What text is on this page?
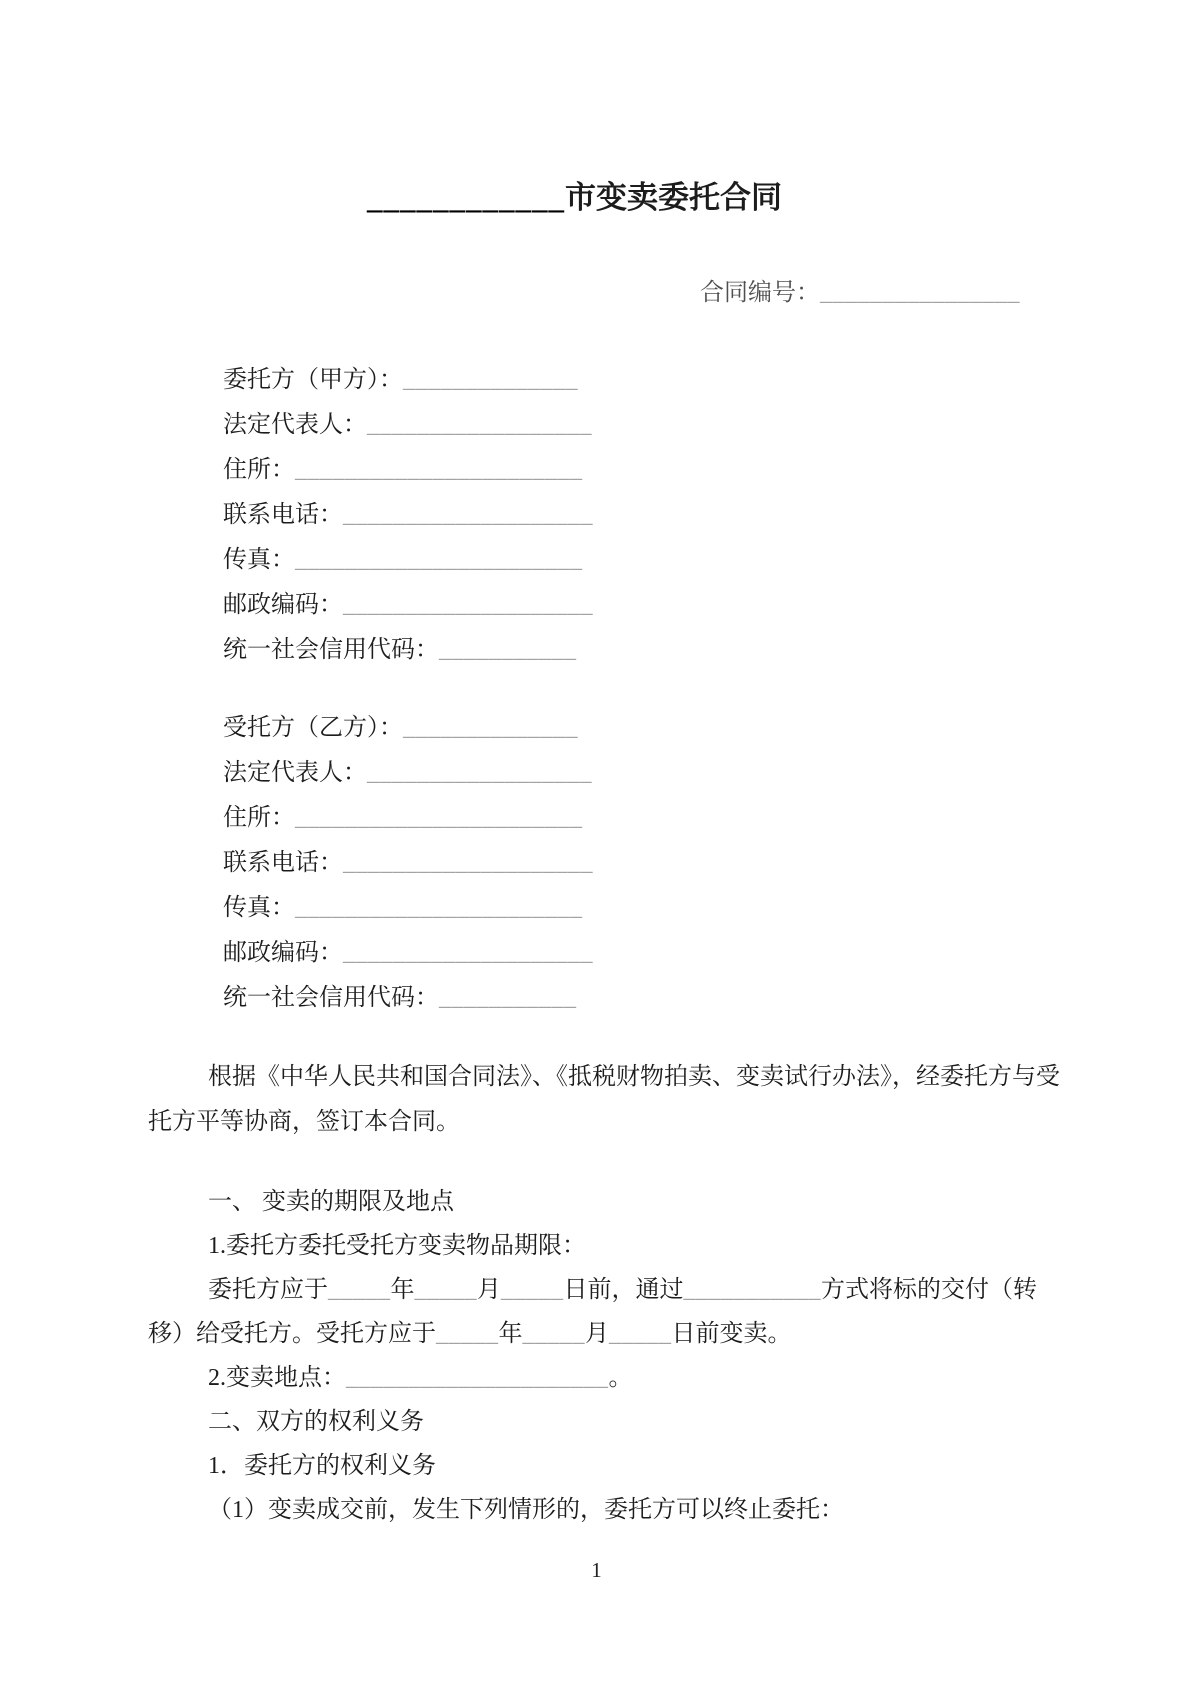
____________市变卖委托合同
合同编号：________________
委托方（甲方）：______________
法定代表人：__________________
住所：_______________________
联系电话：____________________
传真：_______________________
邮政编码：____________________
统一社会信用代码：___________
受托方（乙方）：______________
法定代表人：__________________
住所：_______________________
联系电话：____________________
传真：_______________________
邮政编码：____________________
统一社会信用代码：___________
根据《中华人民共和国合同法》、《抵税财物拍卖、变卖试行办法》，经委托方与受
托方平等协商，签订本合同。
一、 变卖的期限及地点
1.委托方委托受托方变卖物品期限：
委托方应于_____年_____月_____日前，通过___________方式将标的交付（转
移）给受托方。受托方应于_____年_____月_____日前变卖。
2.变卖地点：_____________________。
二、双方的权利义务
1．委托方的权利义务
（1）变卖成交前，发生下列情形的，委托方可以终止委托：
1
